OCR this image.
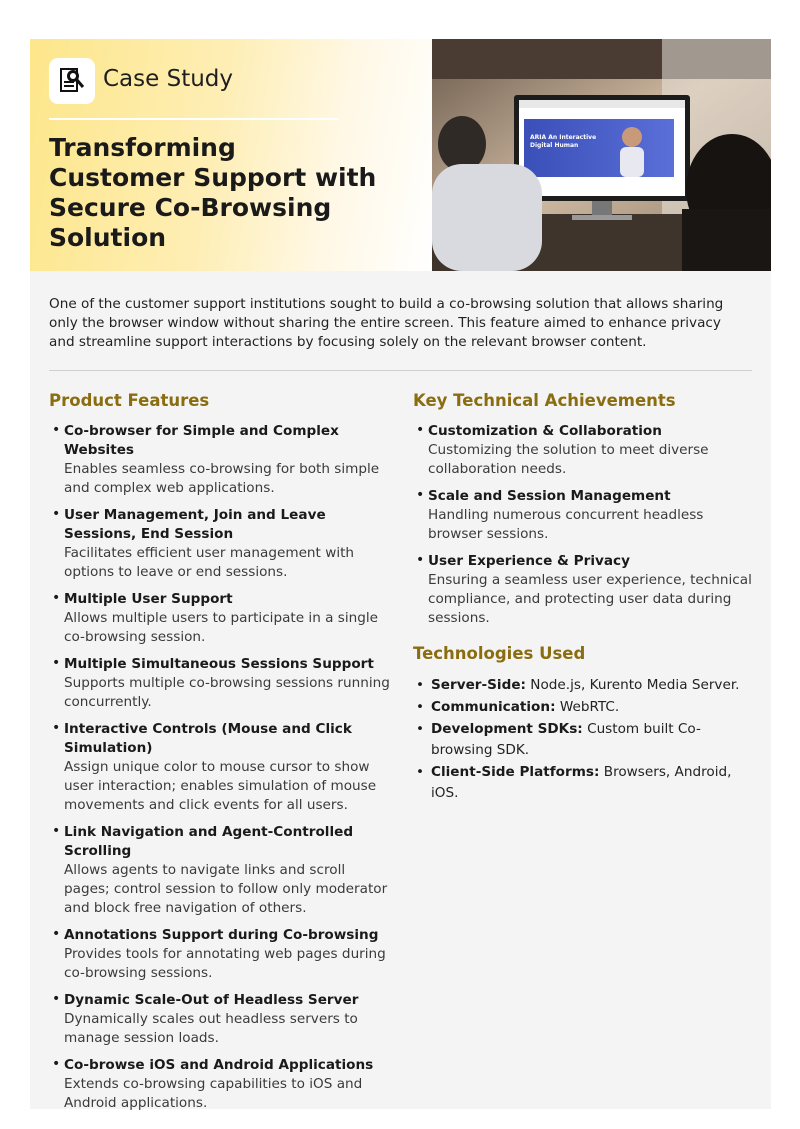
Case Study
Transforming Customer Support with Secure Co-Browsing Solution
ARIA An Interactive
Digital Human

One of the customer support institutions sought to build a co-browsing solution that allows sharing only the browser window without sharing the entire screen. This feature aimed to enhance privacy and streamline support interactions by focusing solely on the relevant browser content.

Product Features
• Co-browser for Simple and Complex Websites
Enables seamless co-browsing for both simple and complex web applications.
• User Management, Join and Leave Sessions, End Session
Facilitates efficient user management with options to leave or end sessions.
• Multiple User Support
Allows multiple users to participate in a single co-browsing session.
• Multiple Simultaneous Sessions Support
Supports multiple co-browsing sessions running concurrently.
• Interactive Controls (Mouse and Click Simulation)
Assign unique color to mouse cursor to show user interaction; enables simulation of mouse movements and click events for all users.
• Link Navigation and Agent-Controlled Scrolling
Allows agents to navigate links and scroll pages; control session to follow only moderator and block free navigation of others.
• Annotations Support during Co-browsing
Provides tools for annotating web pages during co-browsing sessions.
• Dynamic Scale-Out of Headless Server
Dynamically scales out headless servers to manage session loads.
• Co-browse iOS and Android Applications
Extends co-browsing capabilities to iOS and Android applications.
Key Technical Achievements
• Customization & Collaboration
Customizing the solution to meet diverse collaboration needs.
• Scale and Session Management
Handling numerous concurrent headless browser sessions.
• User Experience & Privacy
Ensuring a seamless user experience, technical compliance, and protecting user data during sessions.
Technologies Used
• Server-Side: Node.js, Kurento Media Server.
• Communication: WebRTC.
• Development SDKs: Custom built Co-browsing SDK.
• Client-Side Platforms: Browsers, Android, iOS.
